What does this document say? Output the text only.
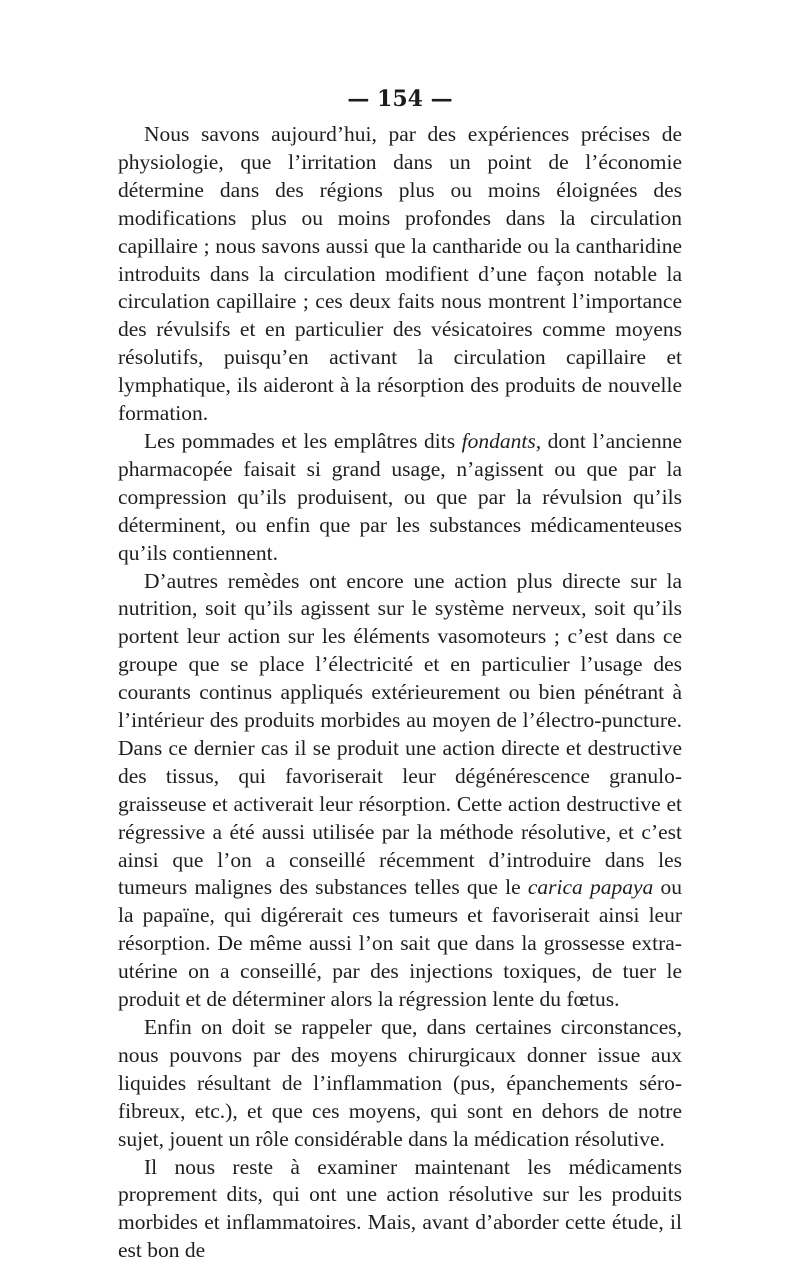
— 154 —

Nous savons aujourd’hui, par des expériences précises de physiologie, que l’irritation dans un point de l’économie détermine dans des régions plus ou moins éloignées des modifications plus ou moins profondes dans la circulation capillaire ; nous savons aussi que la cantharide ou la cantharidine introduits dans la circulation modifient d’une façon notable la circulation capillaire ; ces deux faits nous montrent l’importance des révulsifs et en particulier des vésicatoires comme moyens résolutifs, puisqu’en activant la circulation capillaire et lymphatique, ils aideront à la résorption des produits de nouvelle formation.

Les pommades et les emplâtres dits fondants, dont l’ancienne pharmacopée faisait si grand usage, n’agissent ou que par la compression qu’ils produisent, ou que par la révulsion qu’ils déterminent, ou enfin que par les substances médicamenteuses qu’ils contiennent.

D’autres remèdes ont encore une action plus directe sur la nutrition, soit qu’ils agissent sur le système nerveux, soit qu’ils portent leur action sur les éléments vasomoteurs ; c’est dans ce groupe que se place l’électricité et en particulier l’usage des courants continus appliqués extérieurement ou bien pénétrant à l’intérieur des produits morbides au moyen de l’électro-puncture. Dans ce dernier cas il se produit une action directe et destructive des tissus, qui favoriserait leur dégénérescence granulo-graisseuse et activerait leur résorption. Cette action destructive et régressive a été aussi utilisée par la méthode résolutive, et c’est ainsi que l’on a conseillé récemment d’introduire dans les tumeurs malignes des substances telles que le carica papaya ou la papaïne, qui digérerait ces tumeurs et favoriserait ainsi leur résorption. De même aussi l’on sait que dans la grossesse extra-utérine on a conseillé, par des injections toxiques, de tuer le produit et de déterminer alors la régression lente du fœtus.

Enfin on doit se rappeler que, dans certaines circonstances, nous pouvons par des moyens chirurgicaux donner issue aux liquides résultant de l’inflammation (pus, épanchements séro-fibreux, etc.), et que ces moyens, qui sont en dehors de notre sujet, jouent un rôle considérable dans la médication résolutive.

Il nous reste à examiner maintenant les médicaments proprement dits, qui ont une action résolutive sur les produits morbides et inflammatoires. Mais, avant d’aborder cette étude, il est bon de
